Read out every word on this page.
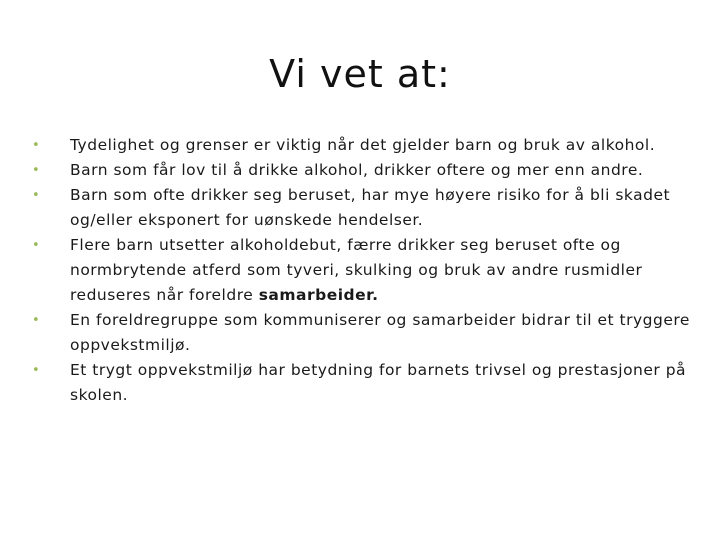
Vi vet at:
• Tydelighet og grenser er viktig når det gjelder barn og bruk av alkohol.
• Barn som får lov til å drikke alkohol, drikker oftere og mer enn andre.
• Barn som ofte drikker seg beruset, har mye høyere risiko for å bli skadet og/eller eksponert for uønskede hendelser.
• Flere barn utsetter alkoholdebut, færre drikker seg beruset ofte og normbrytende atferd som tyveri, skulking og bruk av andre rusmidler reduseres når foreldre samarbeider.
• En foreldregruppe som kommuniserer og samarbeider bidrar til et tryggere oppvekstmiljø.
• Et trygt oppvekstmiljø har betydning for barnets trivsel og prestasjoner på skolen.
